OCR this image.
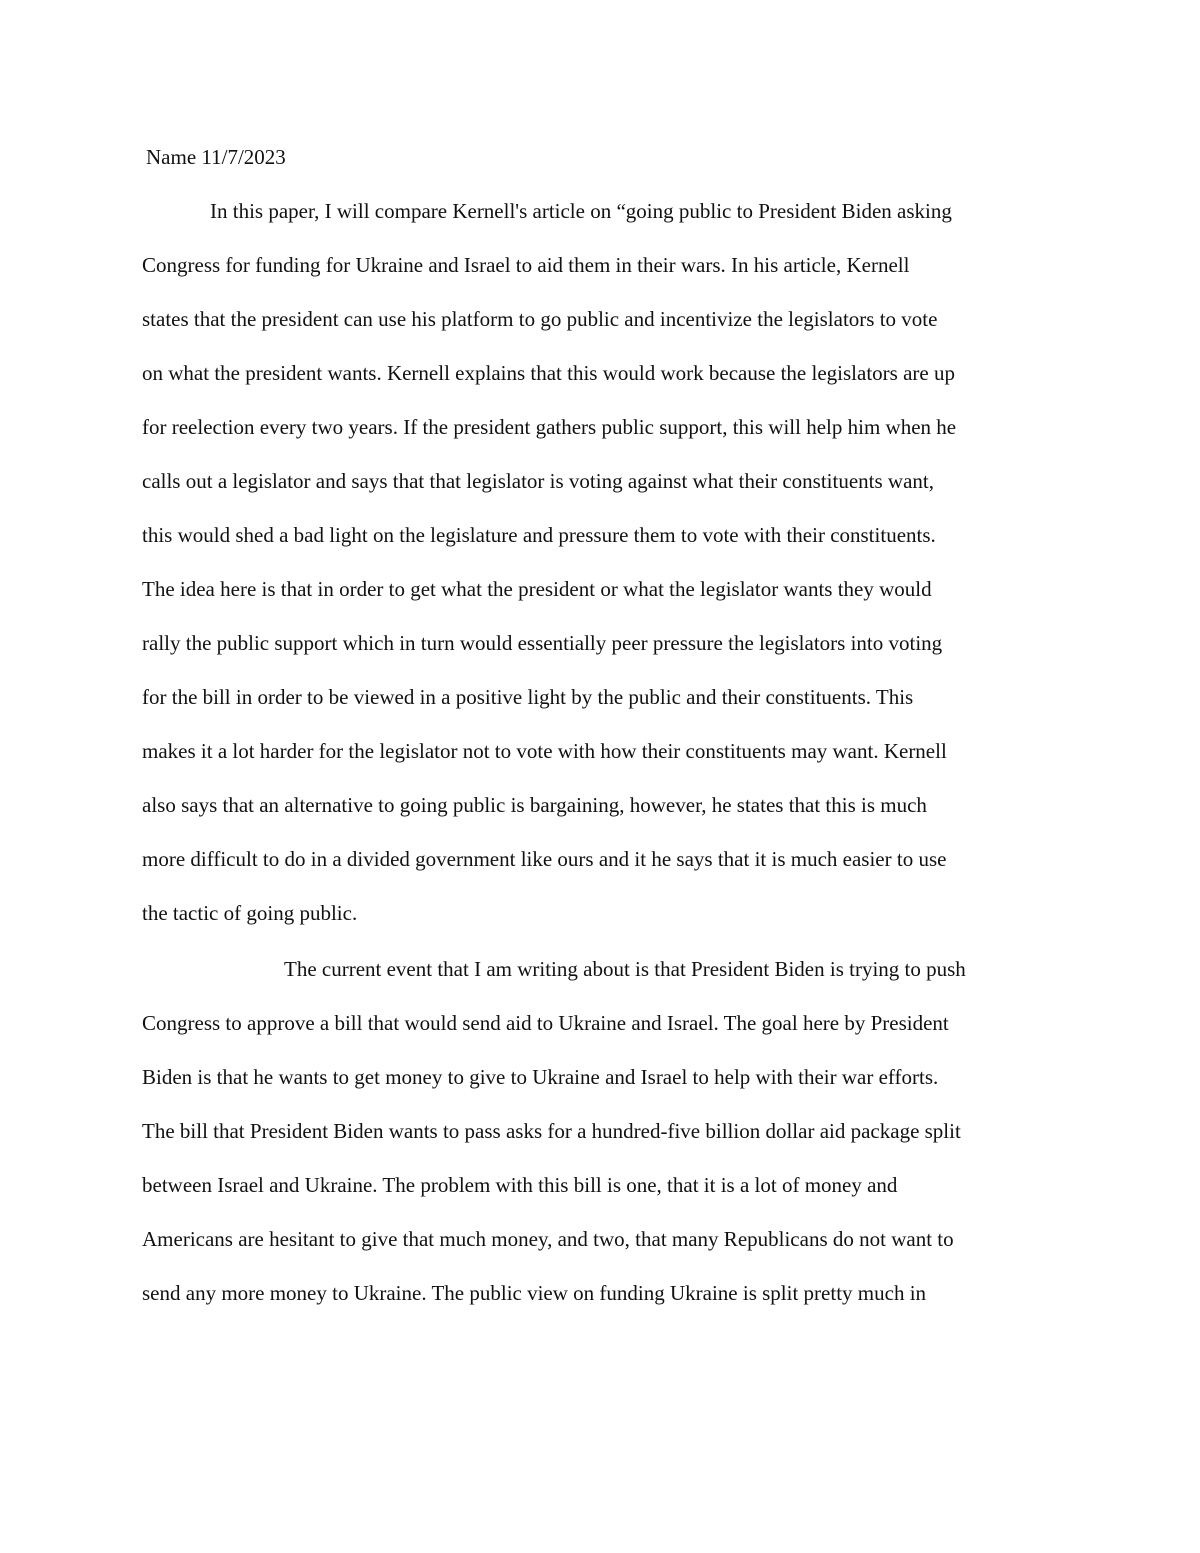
Name 11/7/2023
In this paper, I will compare Kernell's article on “going public to President Biden asking
Congress for funding for Ukraine and Israel to aid them in their wars. In his article, Kernell
states that the president can use his platform to go public and incentivize the legislators to vote
on what the president wants. Kernell explains that this would work because the legislators are up
for reelection every two years. If the president gathers public support, this will help him when he
calls out a legislator and says that that legislator is voting against what their constituents want,
this would shed a bad light on the legislature and pressure them to vote with their constituents.
The idea here is that in order to get what the president or what the legislator wants they would
rally the public support which in turn would essentially peer pressure the legislators into voting
for the bill in order to be viewed in a positive light by the public and their constituents. This
makes it a lot harder for the legislator not to vote with how their constituents may want. Kernell
also says that an alternative to going public is bargaining, however, he states that this is much
more difficult to do in a divided government like ours and it he says that it is much easier to use
the tactic of going public.
The current event that I am writing about is that President Biden is trying to push
Congress to approve a bill that would send aid to Ukraine and Israel. The goal here by President
Biden is that he wants to get money to give to Ukraine and Israel to help with their war efforts.
The bill that President Biden wants to pass asks for a hundred-five billion dollar aid package split
between Israel and Ukraine. The problem with this bill is one, that it is a lot of money and
Americans are hesitant to give that much money, and two, that many Republicans do not want to
send any more money to Ukraine. The public view on funding Ukraine is split pretty much in
